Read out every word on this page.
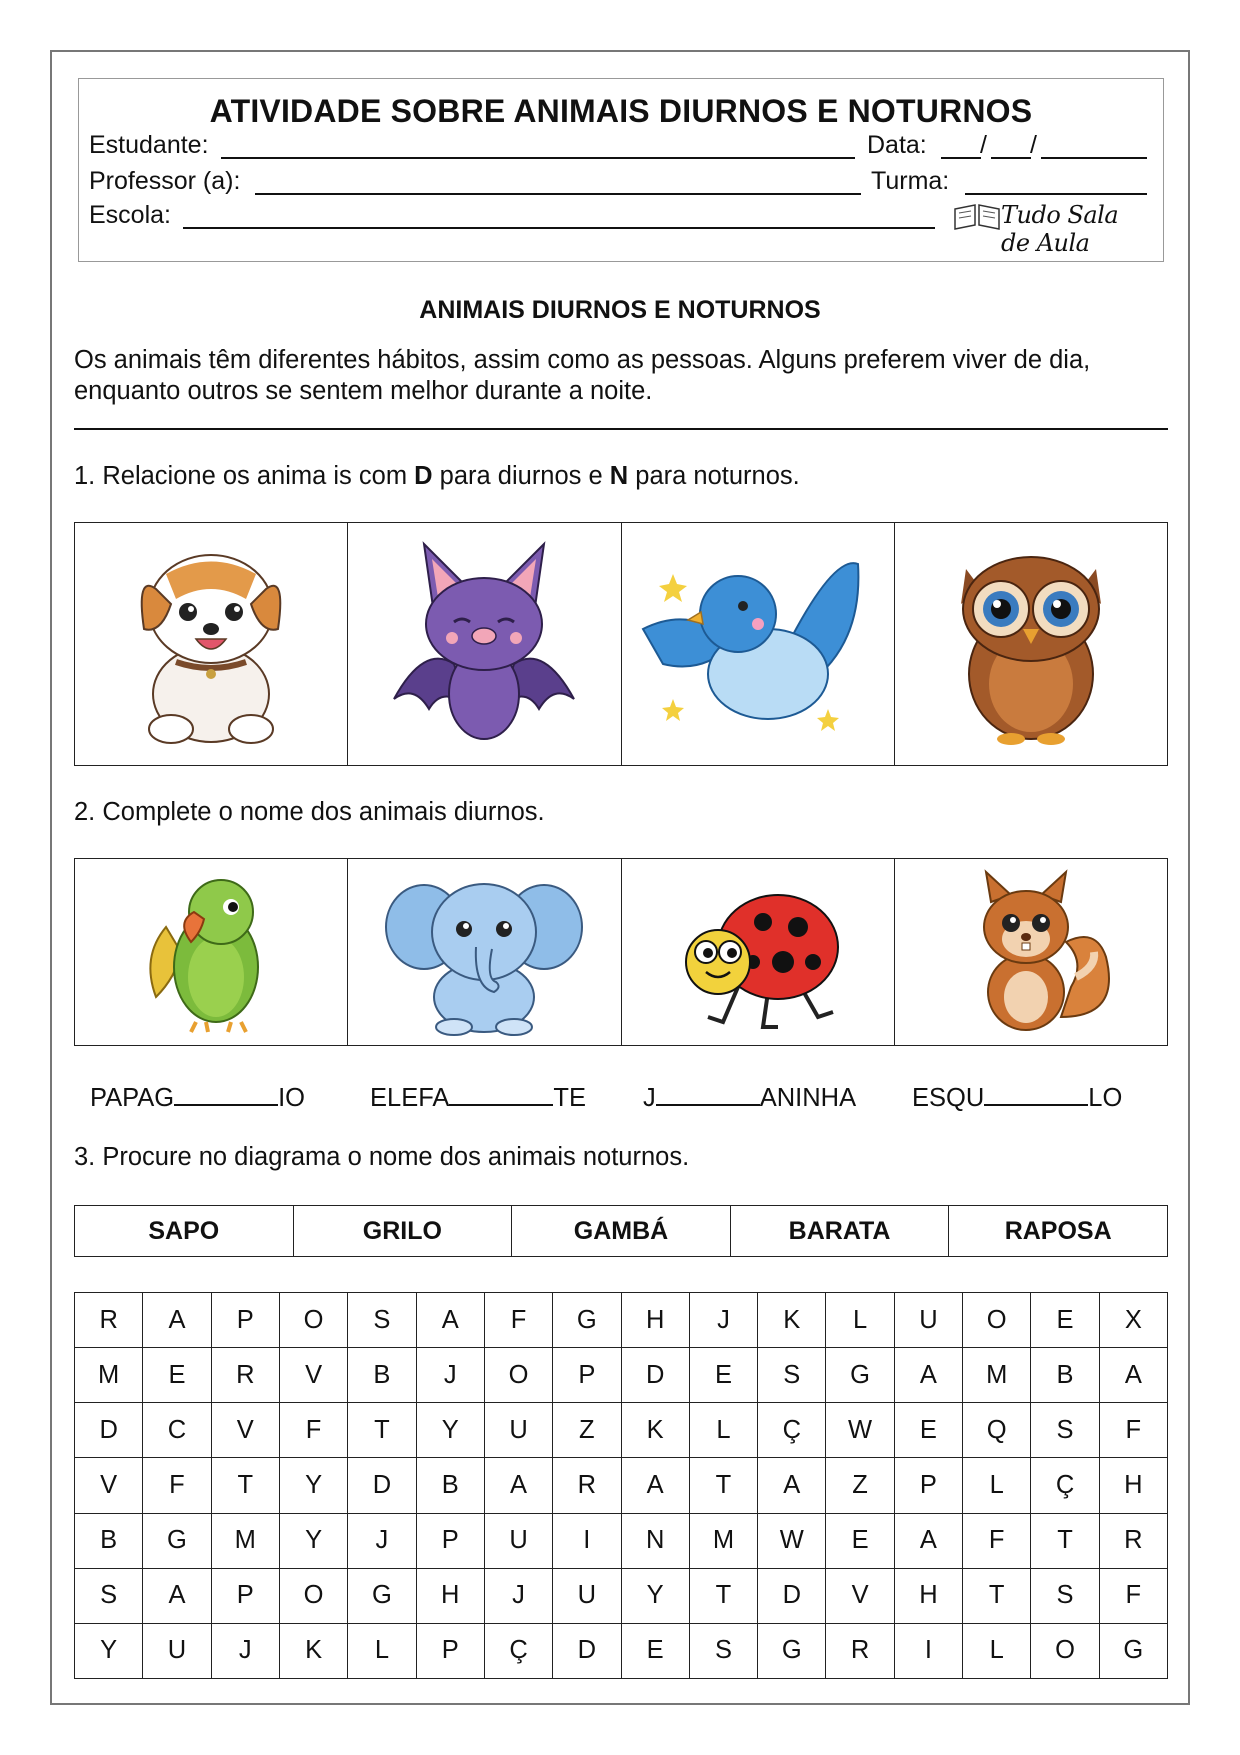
ATIVIDADE SOBRE ANIMAIS DIURNOS E NOTURNOS
Estudante:	Data: / /
Professor (a):	Turma:
Escola:	Tudo Sala de Aula
ANIMAIS DIURNOS E NOTURNOS
Os animais têm diferentes hábitos, assim como as pessoas. Alguns preferem viver de dia, enquanto outros se sentem melhor durante a noite.
1. Relacione os anima is com D para diurnos e N para noturnos.
2. Complete o nome dos animais diurnos.
PAPAG	IO	ELEFA	TE J	ANINHA ESQU	LO
3. Procure no diagrama o nome dos animais noturnos.
SAPO	GRILO	GAMBÁ	BARATA	RAPOSA
R	A	P	O	S	A	F	G	H	J	K	L	U	O	E	X
M	E	R	V	B	J	O	P	D	E	S	G	A	M	B	A
D	C	V	F	T	Y	U	Z	K	L	Ç	W	E	Q	S	F
V	F	T	Y	D	B	A	R	A	T	A	Z	P	L	Ç	H
B	G	M	Y	J	P	U	I	N	M	W	E	A	F	T	R
S	A	P	O	G	H	J	U	Y	T	D	V	H	T	S	F
Y	U	J	K	L	P	Ç	D	E	S	G	R	I	L	O	G
